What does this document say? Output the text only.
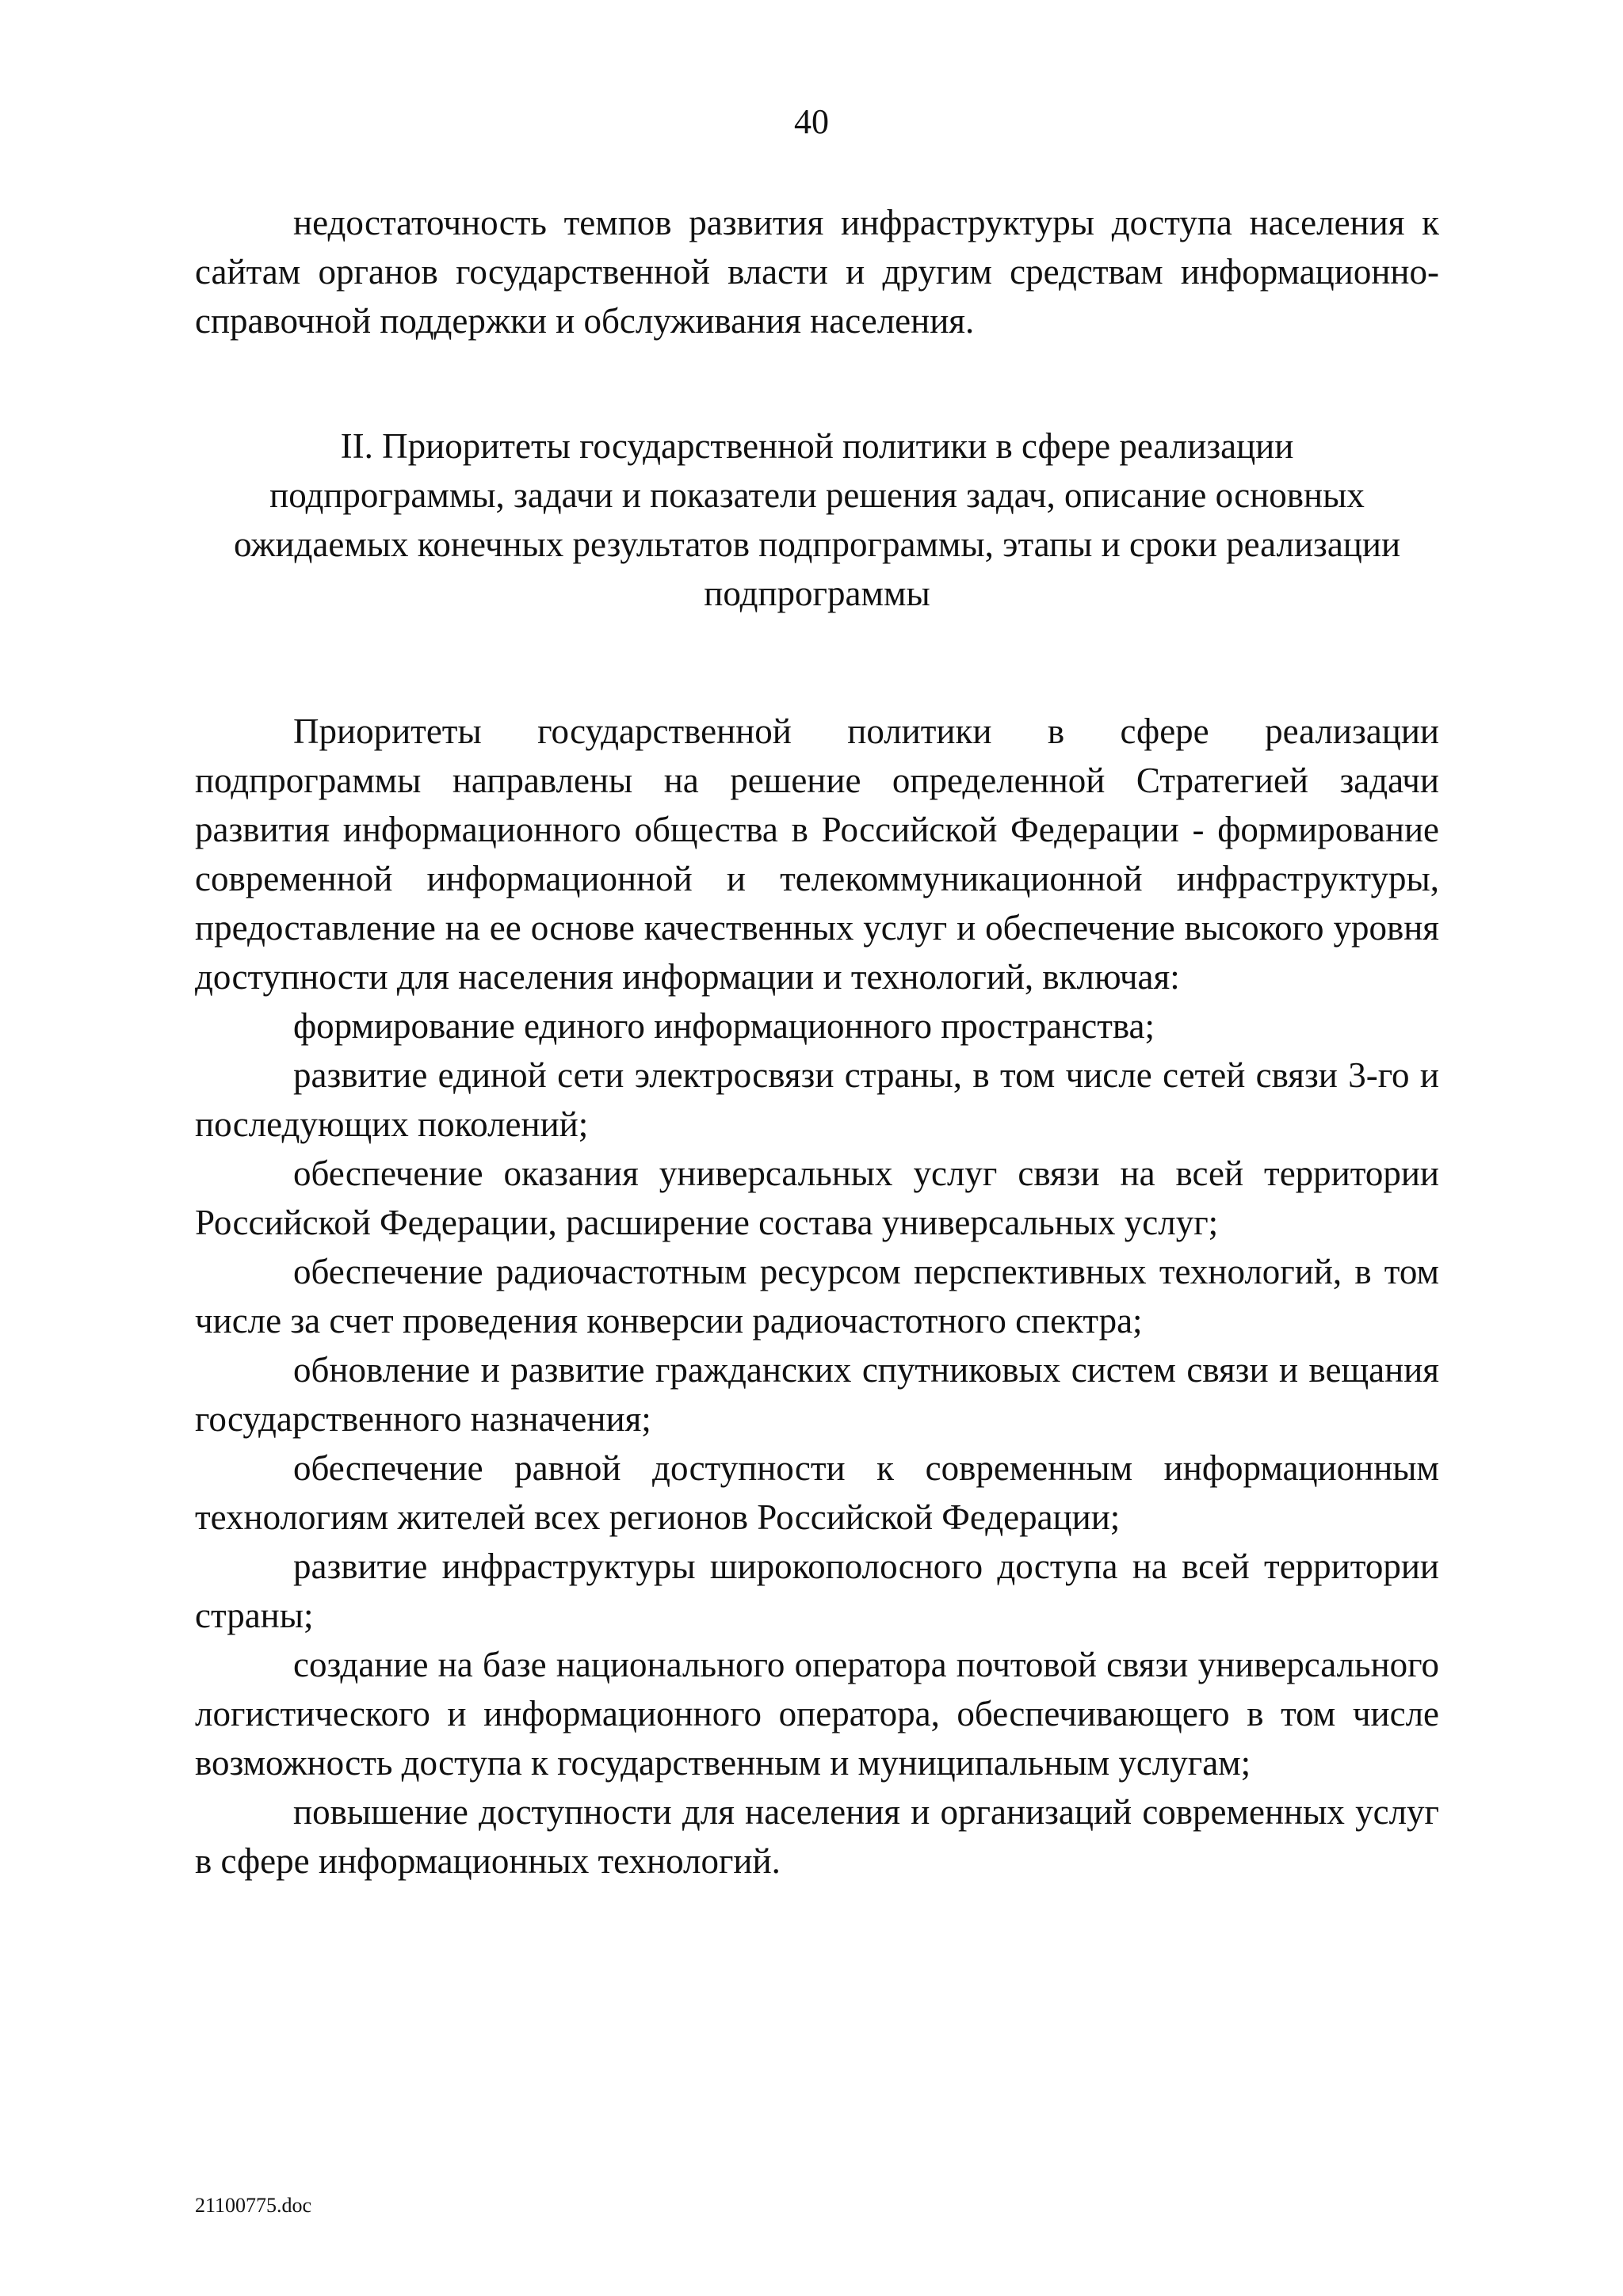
40

недостаточность темпов развития инфраструктуры доступа населения к сайтам органов государственной власти и другим средствам информационно-справочной поддержки и обслуживания населения.

II. Приоритеты государственной политики в сфере реализации подпрограммы, задачи и показатели решения задач, описание основных ожидаемых конечных результатов подпрограммы, этапы и сроки реализации подпрограммы

Приоритеты государственной политики в сфере реализации подпрограммы направлены на решение определенной Стратегией задачи развития информационного общества в Российской Федерации - формирование современной информационной и телекоммуникационной инфраструктуры, предоставление на ее основе качественных услуг и обеспечение высокого уровня доступности для населения информации и технологий, включая:

формирование единого информационного пространства;

развитие единой сети электросвязи страны, в том числе сетей связи 3-го и последующих поколений;

обеспечение оказания универсальных услуг связи на всей территории Российской Федерации, расширение состава универсальных услуг;

обеспечение радиочастотным ресурсом перспективных технологий, в том числе за счет проведения конверсии радиочастотного спектра;

обновление и развитие гражданских спутниковых систем связи и вещания государственного назначения;

обеспечение равной доступности к современным информационным технологиям жителей всех регионов Российской Федерации;

развитие инфраструктуры широкополосного доступа на всей территории страны;

создание на базе национального оператора почтовой связи универсального логистического и информационного оператора, обеспечивающего в том числе возможность доступа к государственным и муниципальным услугам;

повышение доступности для населения и организаций современных услуг в сфере информационных технологий.

21100775.doc
